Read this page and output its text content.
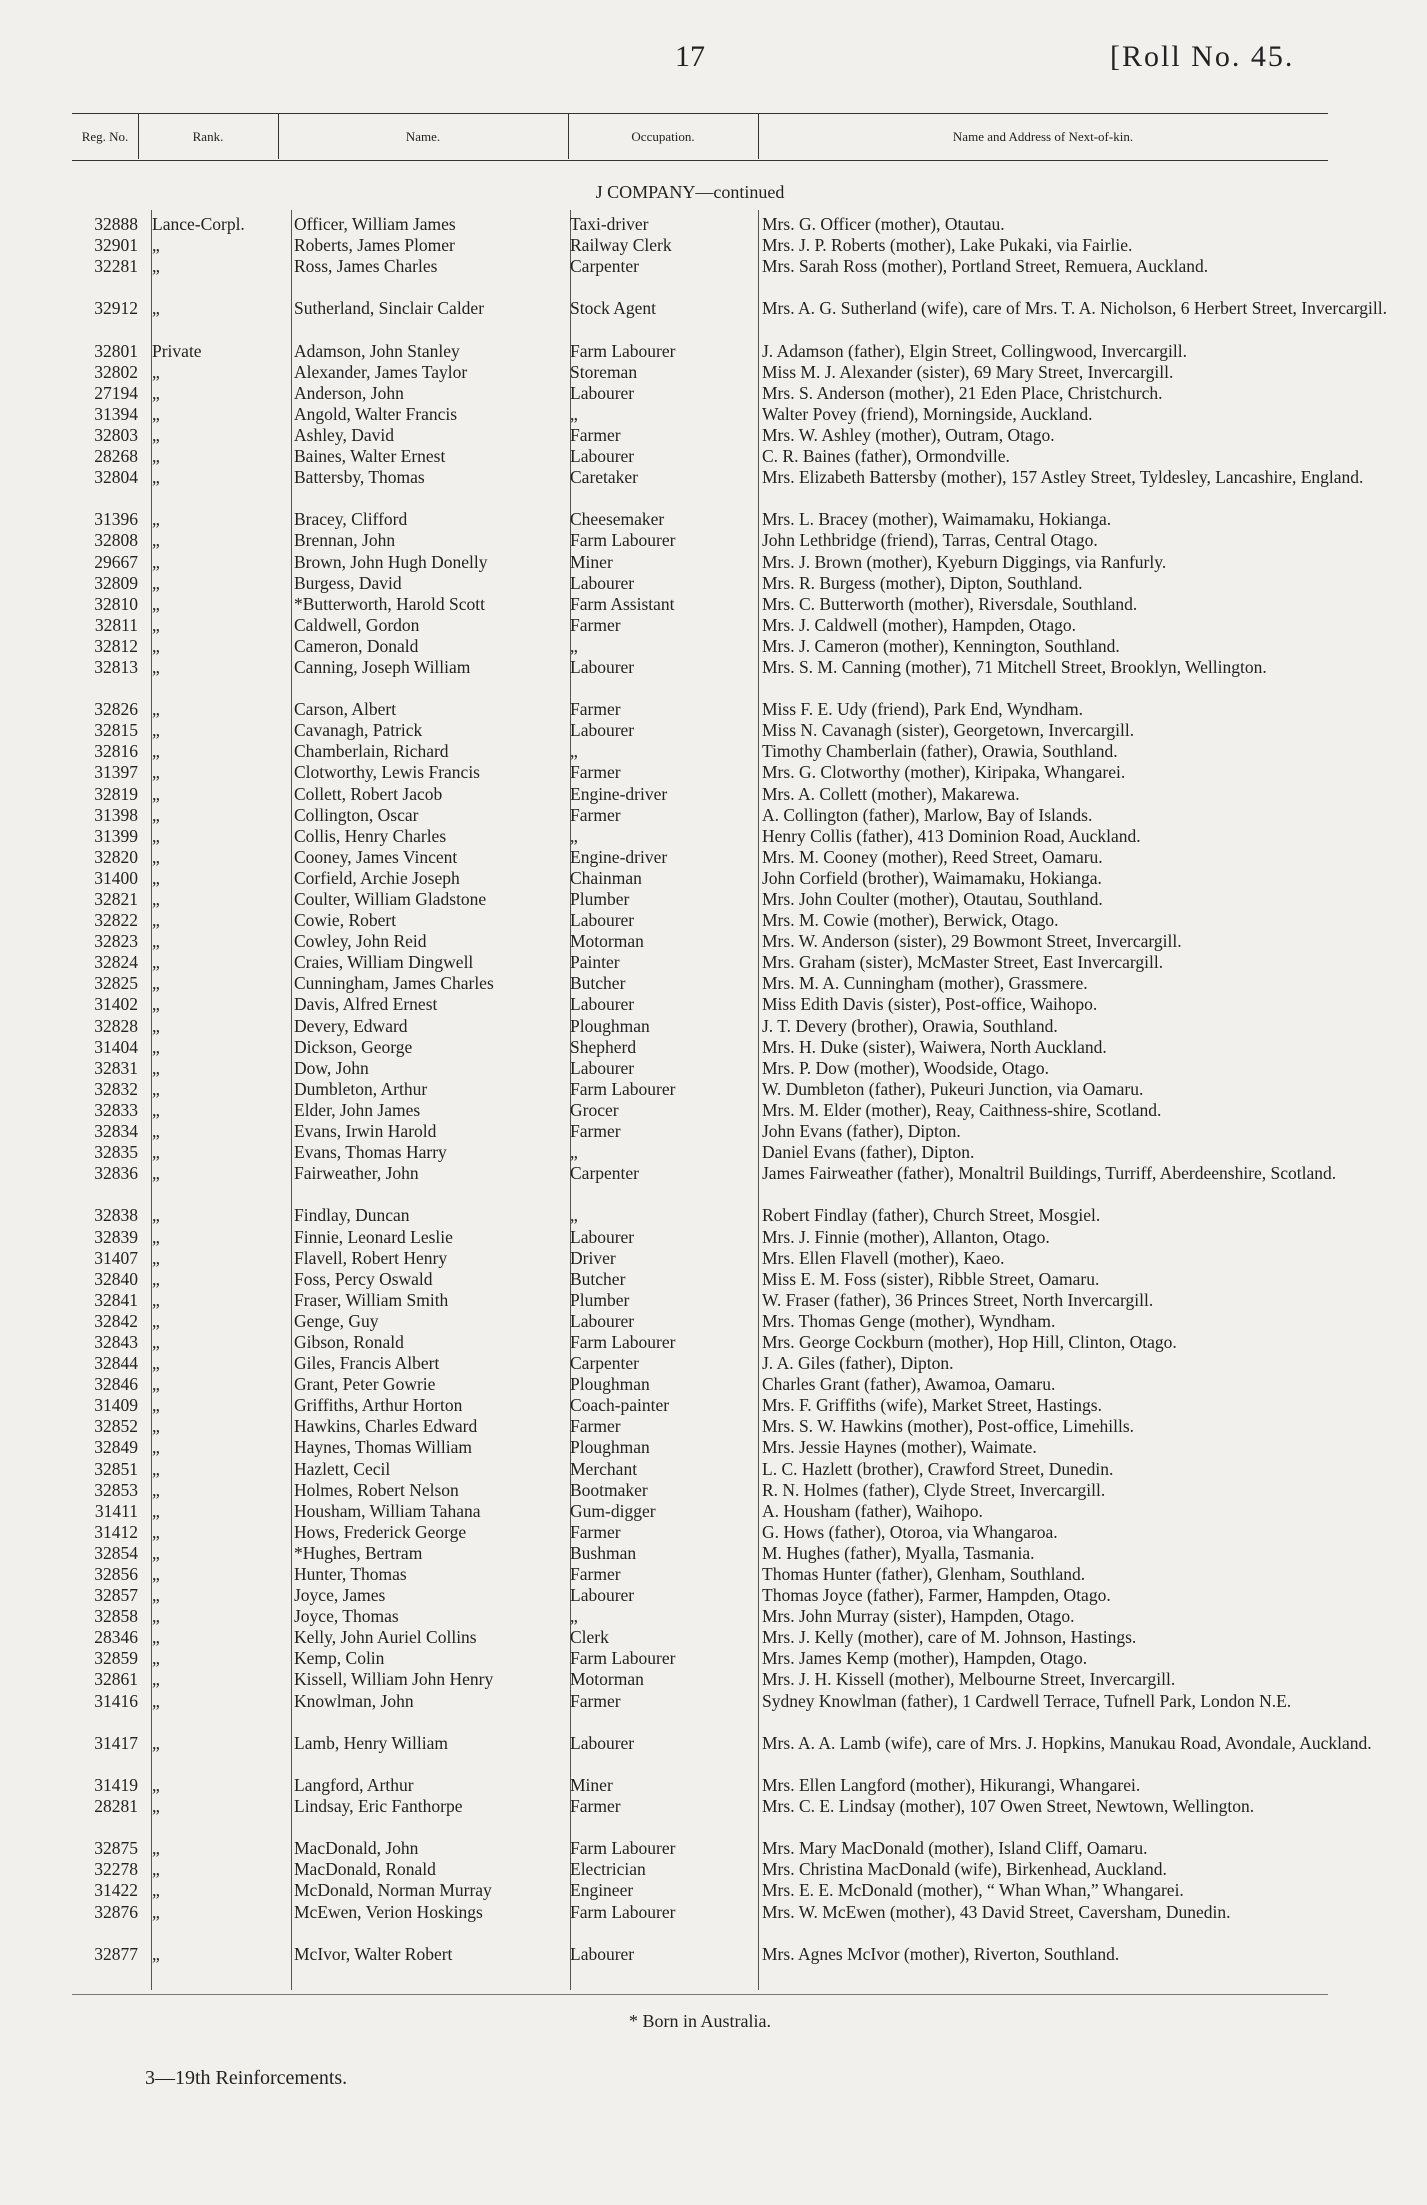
17	[Roll No. 45.
Reg. No.	Rank.	Name.	Occupation.	Name and Address of Next-of-kin.
J COMPANY—continued
32888 Lance-Corpl.	Officer, William James	Taxi-driver	Mrs. G. Officer (mother), Otautau.
32901 „	Roberts, James Plomer	Railway Clerk	Mrs. J. P. Roberts (mother), Lake Pukaki, via Fairlie.
32281 „	Ross, James Charles	Carpenter	Mrs. Sarah Ross (mother), Portland Street, Remuera, Auckland.
32912 „	Sutherland, Sinclair Calder	Stock Agent	Mrs. A. G. Sutherland (wife), care of Mrs. T. A. Nicholson, 6 Herbert Street, Invercargill.
32801 Private	Adamson, John Stanley	Farm Labourer	J. Adamson (father), Elgin Street, Collingwood, Invercargill.
32802 „	Alexander, James Taylor	Storeman	Miss M. J. Alexander (sister), 69 Mary Street, Invercargill.
27194 „	Anderson, John	Labourer	Mrs. S. Anderson (mother), 21 Eden Place, Christchurch.
31394 „	Angold, Walter Francis	„	Walter Povey (friend), Morningside, Auckland.
32803 „	Ashley, David	Farmer	Mrs. W. Ashley (mother), Outram, Otago.
28268 „	Baines, Walter Ernest	Labourer	C. R. Baines (father), Ormondville.
32804 „	Battersby, Thomas	Caretaker	Mrs. Elizabeth Battersby (mother), 157 Astley Street, Tyldesley, Lancashire, England.
31396 „	Bracey, Clifford	Cheesemaker	Mrs. L. Bracey (mother), Waimamaku, Hokianga.
32808 „	Brennan, John	Farm Labourer	John Lethbridge (friend), Tarras, Central Otago.
29667 „	Brown, John Hugh Donelly	Miner	Mrs. J. Brown (mother), Kyeburn Diggings, via Ranfurly.
32809 „	Burgess, David	Labourer	Mrs. R. Burgess (mother), Dipton, Southland.
32810 „	*Butterworth, Harold Scott	Farm Assistant	Mrs. C. Butterworth (mother), Riversdale, Southland.
32811 „	Caldwell, Gordon	Farmer	Mrs. J. Caldwell (mother), Hampden, Otago.
32812 „	Cameron, Donald	„	Mrs. J. Cameron (mother), Kennington, Southland.
32813 „	Canning, Joseph William	Labourer	Mrs. S. M. Canning (mother), 71 Mitchell Street, Brooklyn, Wellington.
32826 „	Carson, Albert	Farmer	Miss F. E. Udy (friend), Park End, Wyndham.
32815 „	Cavanagh, Patrick	Labourer	Miss N. Cavanagh (sister), Georgetown, Invercargill.
32816 „	Chamberlain, Richard	„	Timothy Chamberlain (father), Orawia, Southland.
31397 „	Clotworthy, Lewis Francis	Farmer	Mrs. G. Clotworthy (mother), Kiripaka, Whangarei.
32819 „	Collett, Robert Jacob	Engine-driver	Mrs. A. Collett (mother), Makarewa.
31398 „	Collington, Oscar	Farmer	A. Collington (father), Marlow, Bay of Islands.
31399 „	Collis, Henry Charles	„	Henry Collis (father), 413 Dominion Road, Auckland.
32820 „	Cooney, James Vincent	Engine-driver	Mrs. M. Cooney (mother), Reed Street, Oamaru.
31400 „	Corfield, Archie Joseph	Chainman	John Corfield (brother), Waimamaku, Hokianga.
32821 „	Coulter, William Gladstone	Plumber	Mrs. John Coulter (mother), Otautau, Southland.
32822 „	Cowie, Robert	Labourer	Mrs. M. Cowie (mother), Berwick, Otago.
32823 „	Cowley, John Reid	Motorman	Mrs. W. Anderson (sister), 29 Bowmont Street, Invercargill.
32824 „	Craies, William Dingwell	Painter	Mrs. Graham (sister), McMaster Street, East Invercargill.
32825 „	Cunningham, James Charles	Butcher	Mrs. M. A. Cunningham (mother), Grassmere.
31402 „	Davis, Alfred Ernest	Labourer	Miss Edith Davis (sister), Post-office, Waihopo.
32828 „	Devery, Edward	Ploughman	J. T. Devery (brother), Orawia, Southland.
31404 „	Dickson, George	Shepherd	Mrs. H. Duke (sister), Waiwera, North Auckland.
32831 „	Dow, John	Labourer	Mrs. P. Dow (mother), Woodside, Otago.
32832 „	Dumbleton, Arthur	Farm Labourer	W. Dumbleton (father), Pukeuri Junction, via Oamaru.
32833 „	Elder, John James	Grocer	Mrs. M. Elder (mother), Reay, Caithness-shire, Scotland.
32834 „	Evans, Irwin Harold	Farmer	John Evans (father), Dipton.
32835 „	Evans, Thomas Harry	„	Daniel Evans (father), Dipton.
32836 „	Fairweather, John	Carpenter	James Fairweather (father), Monaltril Buildings, Turriff, Aberdeenshire, Scotland.
32838 „	Findlay, Duncan	„	Robert Findlay (father), Church Street, Mosgiel.
32839 „	Finnie, Leonard Leslie	Labourer	Mrs. J. Finnie (mother), Allanton, Otago.
31407 „	Flavell, Robert Henry	Driver	Mrs. Ellen Flavell (mother), Kaeo.
32840 „	Foss, Percy Oswald	Butcher	Miss E. M. Foss (sister), Ribble Street, Oamaru.
32841 „	Fraser, William Smith	Plumber	W. Fraser (father), 36 Princes Street, North Invercargill.
32842 „	Genge, Guy	Labourer	Mrs. Thomas Genge (mother), Wyndham.
32843 „	Gibson, Ronald	Farm Labourer	Mrs. George Cockburn (mother), Hop Hill, Clinton, Otago.
32844 „	Giles, Francis Albert	Carpenter	J. A. Giles (father), Dipton.
32846 „	Grant, Peter Gowrie	Ploughman	Charles Grant (father), Awamoa, Oamaru.
31409 „	Griffiths, Arthur Horton	Coach-painter	Mrs. F. Griffiths (wife), Market Street, Hastings.
32852 „	Hawkins, Charles Edward	Farmer	Mrs. S. W. Hawkins (mother), Post-office, Limehills.
32849 „	Haynes, Thomas William	Ploughman	Mrs. Jessie Haynes (mother), Waimate.
32851 „	Hazlett, Cecil	Merchant	L. C. Hazlett (brother), Crawford Street, Dunedin.
32853 „	Holmes, Robert Nelson	Bootmaker	R. N. Holmes (father), Clyde Street, Invercargill.
31411 „	Housham, William Tahana	Gum-digger	A. Housham (father), Waihopo.
31412 „	Hows, Frederick George	Farmer	G. Hows (father), Otoroa, via Whangaroa.
32854 „	*Hughes, Bertram	Bushman	M. Hughes (father), Myalla, Tasmania.
32856 „	Hunter, Thomas	Farmer	Thomas Hunter (father), Glenham, Southland.
32857 „	Joyce, James	Labourer	Thomas Joyce (father), Farmer, Hampden, Otago.
32858 „	Joyce, Thomas	„	Mrs. John Murray (sister), Hampden, Otago.
28346 „	Kelly, John Auriel Collins	Clerk	Mrs. J. Kelly (mother), care of M. Johnson, Hastings.
32859 „	Kemp, Colin	Farm Labourer	Mrs. James Kemp (mother), Hampden, Otago.
32861 „	Kissell, William John Henry	Motorman	Mrs. J. H. Kissell (mother), Melbourne Street, Invercargill.
31416 „	Knowlman, John	Farmer	Sydney Knowlman (father), 1 Cardwell Terrace, Tufnell Park, London N.E.
31417 „	Lamb, Henry William	Labourer	Mrs. A. A. Lamb (wife), care of Mrs. J. Hopkins, Manukau Road, Avondale, Auckland.
31419 „	Langford, Arthur	Miner	Mrs. Ellen Langford (mother), Hikurangi, Whangarei.
28281 „	Lindsay, Eric Fanthorpe	Farmer	Mrs. C. E. Lindsay (mother), 107 Owen Street, Newtown, Wellington.
32875 „	MacDonald, John	Farm Labourer	Mrs. Mary MacDonald (mother), Island Cliff, Oamaru.
32278 „	MacDonald, Ronald	Electrician	Mrs. Christina MacDonald (wife), Birkenhead, Auckland.
31422 „	McDonald, Norman Murray	Engineer	Mrs. E. E. McDonald (mother), “ Whan Whan,” Whangarei.
32876 „	McEwen, Verion Hoskings	Farm Labourer	Mrs. W. McEwen (mother), 43 David Street, Caversham, Dunedin.
32877 „	McIvor, Walter Robert	Labourer	Mrs. Agnes McIvor (mother), Riverton, Southland.
* Born in Australia.
3—19th Reinforcements.
